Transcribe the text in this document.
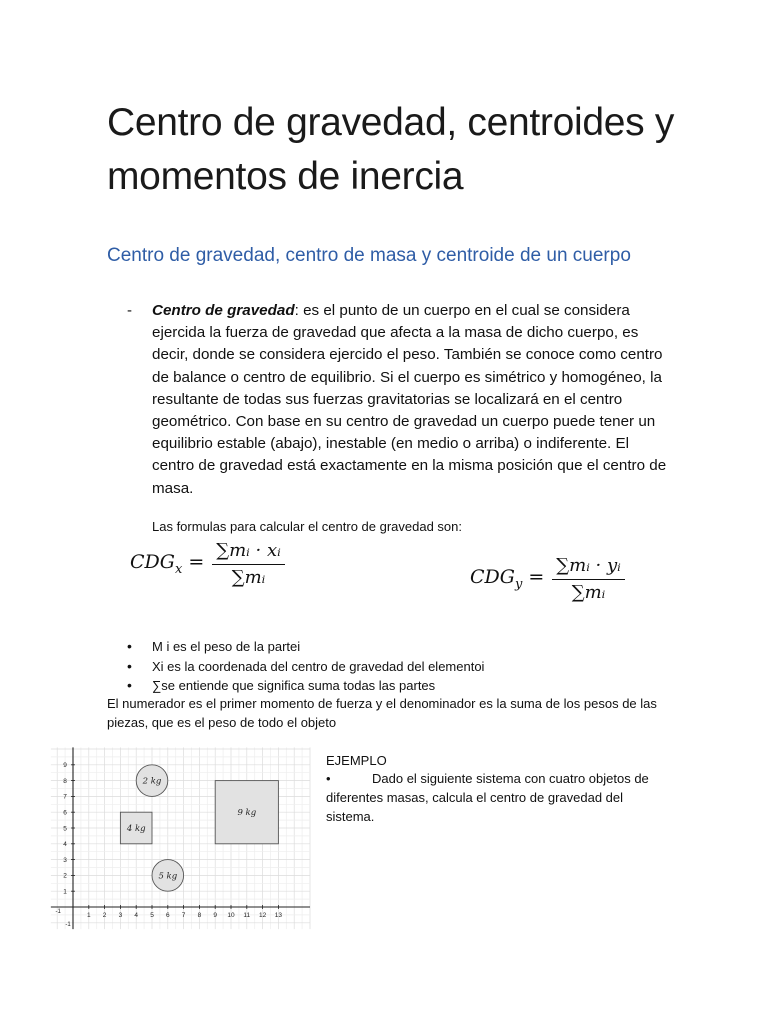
Centro de gravedad, centroides y momentos de inercia
Centro de gravedad, centro de masa y centroide de un cuerpo
- Centro de gravedad: es el punto de un cuerpo en el cual se considera ejercida la fuerza de gravedad que afecta a la masa de dicho cuerpo, es decir, donde se considera ejercido el peso. También se conoce como centro de balance o centro de equilibrio. Si el cuerpo es simétrico y homogéneo, la resultante de todas sus fuerzas gravitatorias se localizará en el centro geométrico. Con base en su centro de gravedad un cuerpo puede tener un equilibrio estable (abajo), inestable (en medio o arriba) o indiferente. El centro de gravedad está exactamente en la misma posición que el centro de masa.
Las formulas para calcular el centro de gravedad son:
$CDG_x = \frac{\text{∑mᵢ · xᵢ}}{\text{∑mᵢ}}$	$CDG_y = \frac{\text{∑mᵢ · yᵢ}}{\text{∑mᵢ}}$
• M i es el peso de la partei
• Xi es la coordenada del centro de gravedad del elementoi
• ∑se entiende que significa suma todas las partes
El numerador es el primer momento de fuerza y el denominador es la suma de los pesos de las piezas, que es el peso de todo el objeto
1 2 3 4 5 6 7 8 9 10 11 12 13
1
2
3
4
5
6
7
8
9
-1
-1
2 kg
4 kg
9 kg
5 kg
EJEMPLO
•	Dado el siguiente sistema con cuatro objetos de diferentes masas, calcula el centro de gravedad del sistema.
